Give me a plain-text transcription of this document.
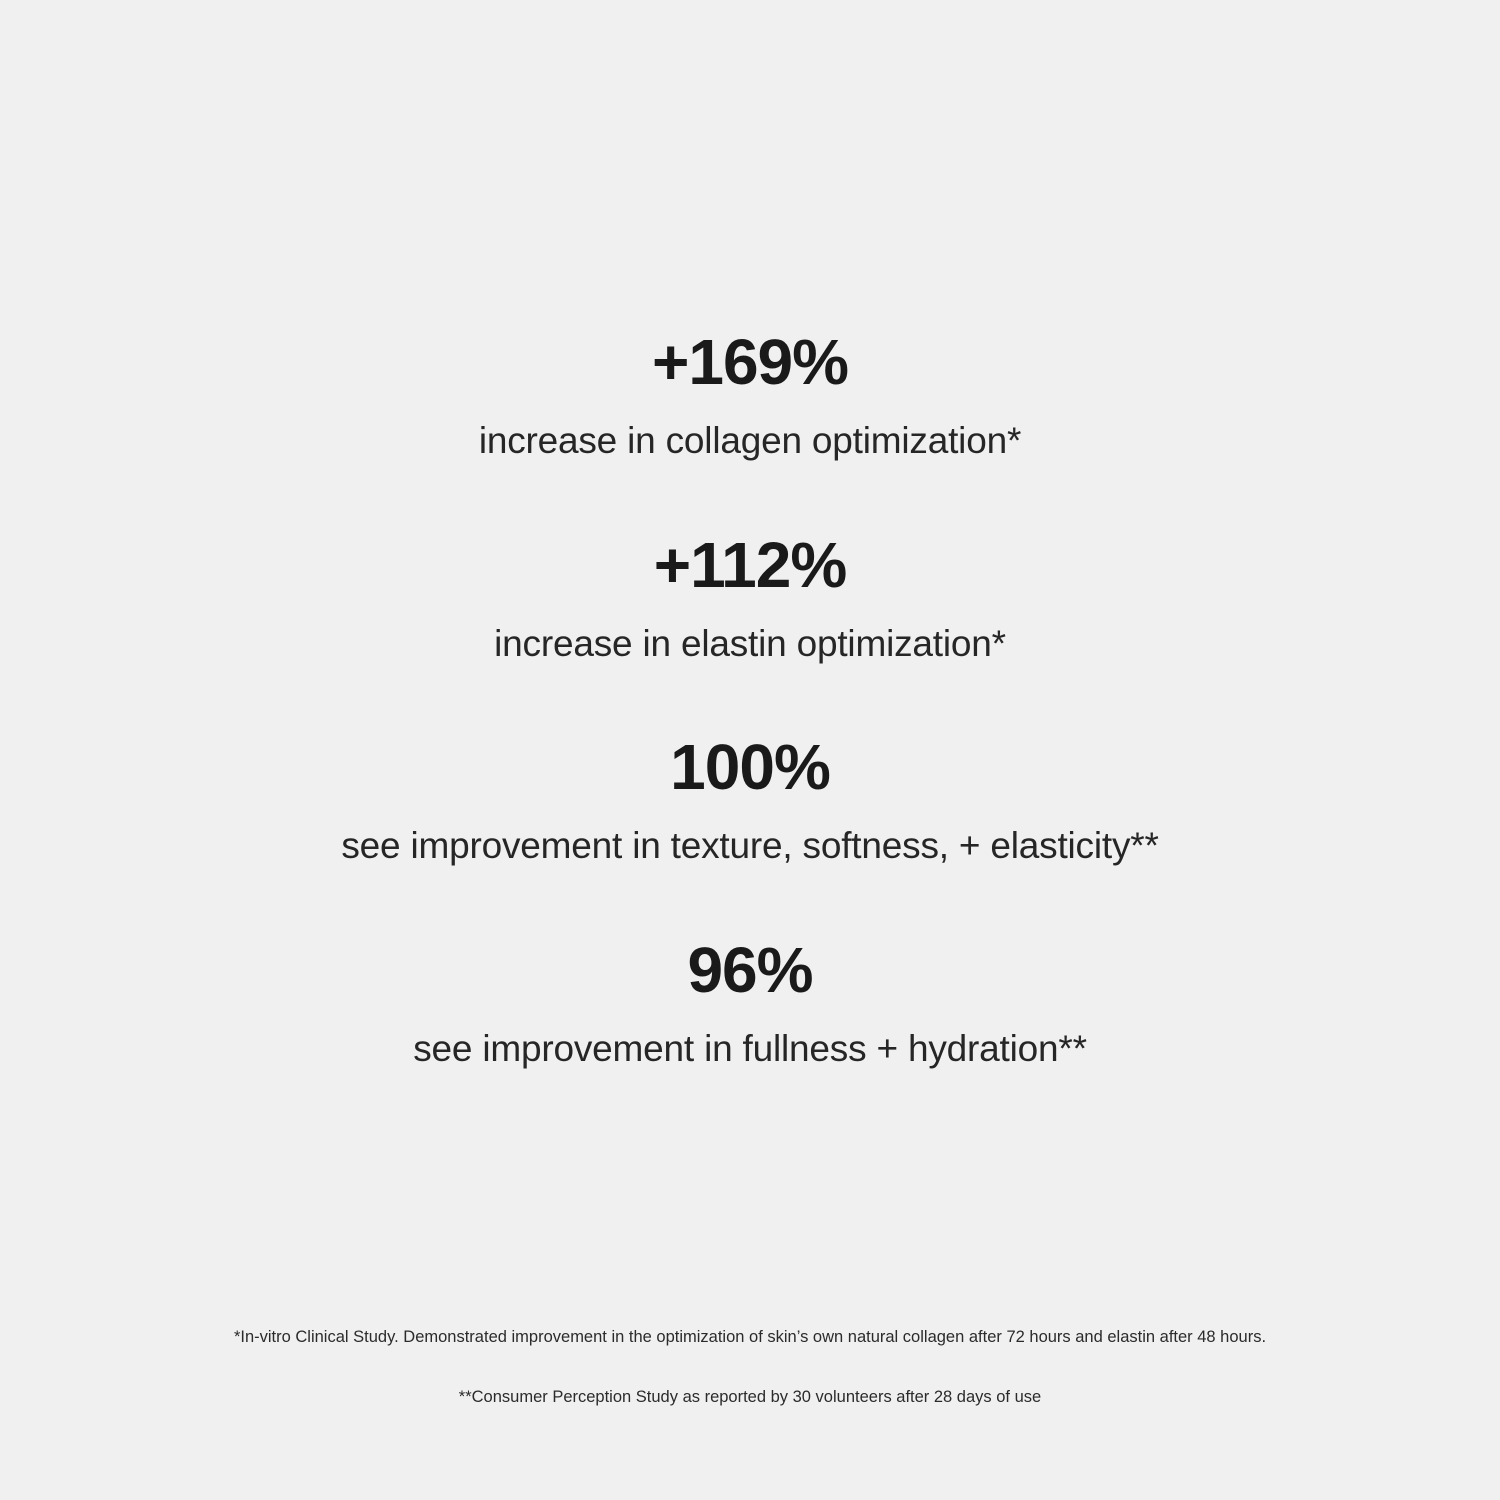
+169%
increase in collagen optimization*
+112%
increase in elastin optimization*
100%
see improvement in texture, softness, + elasticity**
96%
see improvement in fullness + hydration**

*In-vitro Clinical Study. Demonstrated improvement in the optimization of skin’s own natural collagen after 72 hours and elastin after 48 hours.

**Consumer Perception Study as reported by 30 volunteers after 28 days of use
